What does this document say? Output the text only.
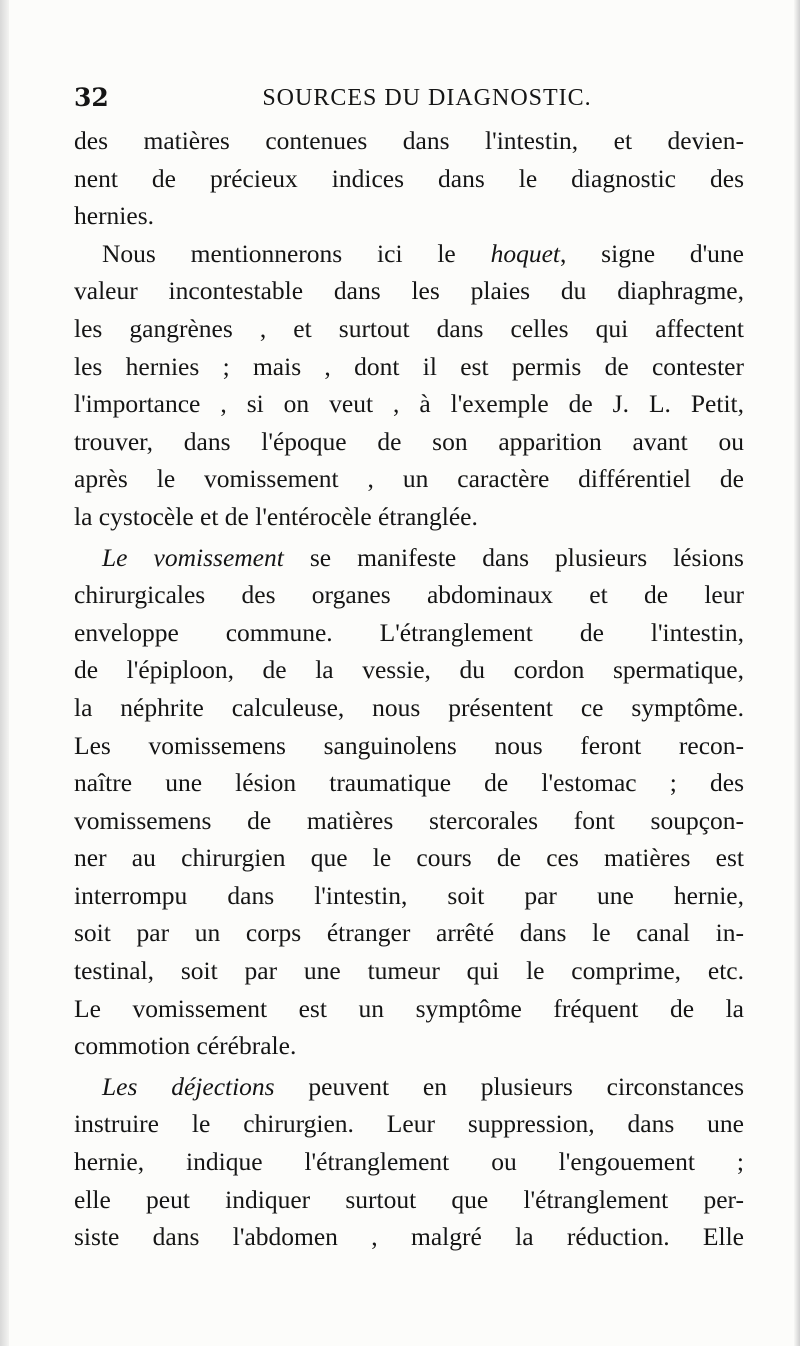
32	SOURCES DU DIAGNOSTIC.
des matières contenues dans l'intestin, et devien-
nent de précieux indices dans le diagnostic des
hernies.
Nous mentionnerons ici le hoquet, signe d'une
valeur incontestable dans les plaies du diaphragme,
les gangrènes , et surtout dans celles qui affectent
les hernies ; mais , dont il est permis de contester
l'importance , si on veut , à l'exemple de J. L. Petit,
trouver, dans l'époque de son apparition avant ou
après le vomissement , un caractère différentiel de
la cystocèle et de l'entérocèle étranglée.
Le vomissement se manifeste dans plusieurs lésions
chirurgicales des organes abdominaux et de leur
enveloppe commune. L'étranglement de l'intestin,
de l'épiploon, de la vessie, du cordon spermatique,
la néphrite calculeuse, nous présentent ce symptôme.
Les vomissemens sanguinolens nous feront recon-
naître une lésion traumatique de l'estomac ; des
vomissemens de matières stercorales font soupçon-
ner au chirurgien que le cours de ces matières est
interrompu dans l'intestin, soit par une hernie,
soit par un corps étranger arrêté dans le canal in-
testinal, soit par une tumeur qui le comprime, etc.
Le vomissement est un symptôme fréquent de la
commotion cérébrale.
Les déjections peuvent en plusieurs circonstances
instruire le chirurgien. Leur suppression, dans une
hernie, indique l'étranglement ou l'engouement ;
elle peut indiquer surtout que l'étranglement per-
siste dans l'abdomen , malgré la réduction. Elle
